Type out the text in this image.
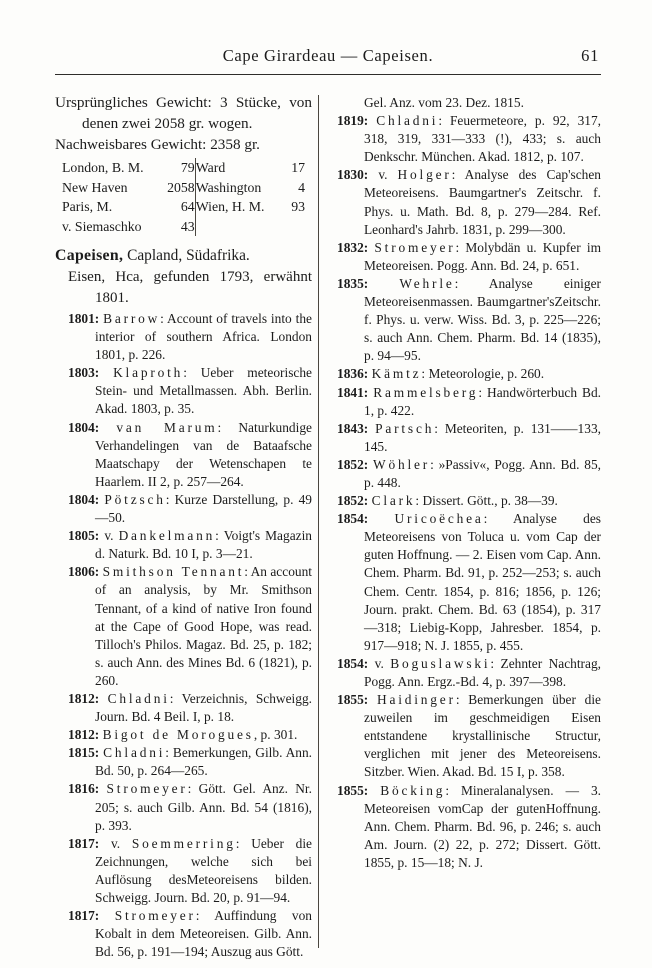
Cape Girardeau — Capeisen.	61

Ursprüngliches Gewicht: 3 Stücke, von denen zwei 2058 gr. wogen.

Nachweisbares Gewicht: 2358 gr.

London, B. M.	79	Ward	17
New Haven	2058	Washington	4
Paris, M.	64	Wien, H. M.	93
v. Siemaschko	43		
Capeisen, Capland, Südafrika.

Eisen, Hca, gefunden 1793, erwähnt 1801.

1801: Barrow: Account of travels into the interior of southern Africa. London 1801, p. 226.

1803: Klaproth: Ueber meteorische Stein- und Metallmassen. Abh. Berlin. Akad. 1803, p. 35.

1804: van Marum: Naturkundige Verhandelingen van de Bataafsche Maatschapy der Wetenschapen te Haarlem. II 2, p. 257—264.

1804: Pötzsch: Kurze Darstellung, p. 49—50.

1805: v. Dankelmann: Voigt's Magazin d. Naturk. Bd. 10 I, p. 3—21.

1806: Smithson Tennant: An account of an analysis, by Mr. Smithson Tennant, of a kind of native Iron found at the Cape of Good Hope, was read. Tilloch's Philos. Magaz. Bd. 25, p. 182; s. auch Ann. des Mines Bd. 6 (1821), p. 260.

1812: Chladni: Verzeichnis, Schweigg. Journ. Bd. 4 Beil. I, p. 18.

1812: Bigot de Morogues, p. 301.

1815: Chladni: Bemerkungen, Gilb. Ann. Bd. 50, p. 264—265.

1816: Stromeyer: Gött. Gel. Anz. Nr. 205; s. auch Gilb. Ann. Bd. 54 (1816), p. 393.

1817: v. Soemmerring: Ueber die Zeichnungen, welche sich bei Auflösung desMeteoreisens bilden. Schweigg. Journ. Bd. 20, p. 91—94.

1817: Stromeyer: Auffindung von Kobalt in dem Meteoreisen. Gilb. Ann. Bd. 56, p. 191—194; Auszug aus Gött.

Gel. Anz. vom 23. Dez. 1815.

1819: Chladni: Feuermeteore, p. 92, 317, 318, 319, 331—333 (!), 433; s. auch Denkschr. München. Akad. 1812, p. 107.

1830: v. Holger: Analyse des Cap'schen Meteoreisens. Baumgartner's Zeitschr. f. Phys. u. Math. Bd. 8, p. 279—284. Ref. Leonhard's Jahrb. 1831, p. 299—300.

1832: Stromeyer: Molybdän u. Kupfer im Meteoreisen. Pogg. Ann. Bd. 24, p. 651.

1835: Wehrle: Analyse einiger Meteoreisenmassen. Baumgartner'sZeitschr. f. Phys. u. verw. Wiss. Bd. 3, p. 225—226; s. auch Ann. Chem. Pharm. Bd. 14 (1835), p. 94—95.

1836: Kämtz: Meteorologie, p. 260.

1841: Rammelsberg: Handwörterbuch Bd. 1, p. 422.

1843: Partsch: Meteoriten, p. 131——133, 145.

1852: Wöhler: »Passiv«, Pogg. Ann. Bd. 85, p. 448.

1852: Clark: Dissert. Gött., p. 38—39.

1854: Uricoëchea: Analyse des Meteoreisens von Toluca u. vom Cap der guten Hoffnung. — 2. Eisen vom Cap. Ann. Chem. Pharm. Bd. 91, p. 252—253; s. auch Chem. Centr. 1854, p. 816; 1856, p. 126; Journ. prakt. Chem. Bd. 63 (1854), p. 317—318; Liebig-Kopp, Jahresber. 1854, p. 917—918; N. J. 1855, p. 455.

1854: v. Boguslawski: Zehnter Nachtrag, Pogg. Ann. Ergz.-Bd. 4, p. 397—398.

1855: Haidinger: Bemerkungen über die zuweilen im geschmeidigen Eisen entstandene krystallinische Structur, verglichen mit jener des Meteoreisens. Sitzber. Wien. Akad. Bd. 15 I, p. 358.

1855: Böcking: Mineralanalysen. — 3. Meteoreisen vomCap der gutenHoffnung. Ann. Chem. Pharm. Bd. 96, p. 246; s. auch Am. Journ. (2) 22, p. 272; Dissert. Gött. 1855, p. 15—18; N. J.
